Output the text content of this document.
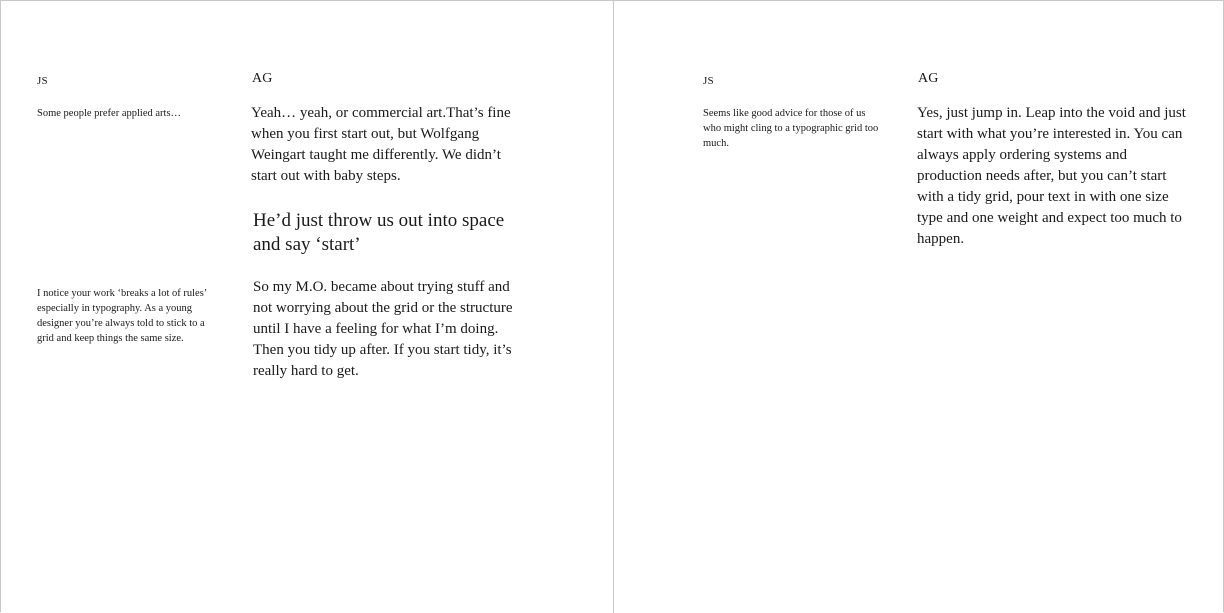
JS	AG
Some people prefer applied arts…	Yeah… yeah, or commercial art.That’s fine when you first start out, but Wolfgang Weingart taught me differently. We didn’t start out with baby steps.
He’d just throw us out into space and say ‘start’
I notice your work ‘breaks a lot of rules’ especially in typography. As a young designer you’re always told to stick to a grid and keep things the same size.
So my M.O. became about trying stuff and not worrying about the grid or the structure until I have a feeling for what I’m doing. Then you tidy up after. If you start tidy, it’s really hard to get.
JS	AG
Seems like good advice for those of us who might cling to a typographic grid too much.
Yes, just jump in. Leap into the void and just start with what you’re interested in. You can always apply ordering systems and production needs after, but you can’t start with a tidy grid, pour text in with one size type and one weight and expect too much to happen.
